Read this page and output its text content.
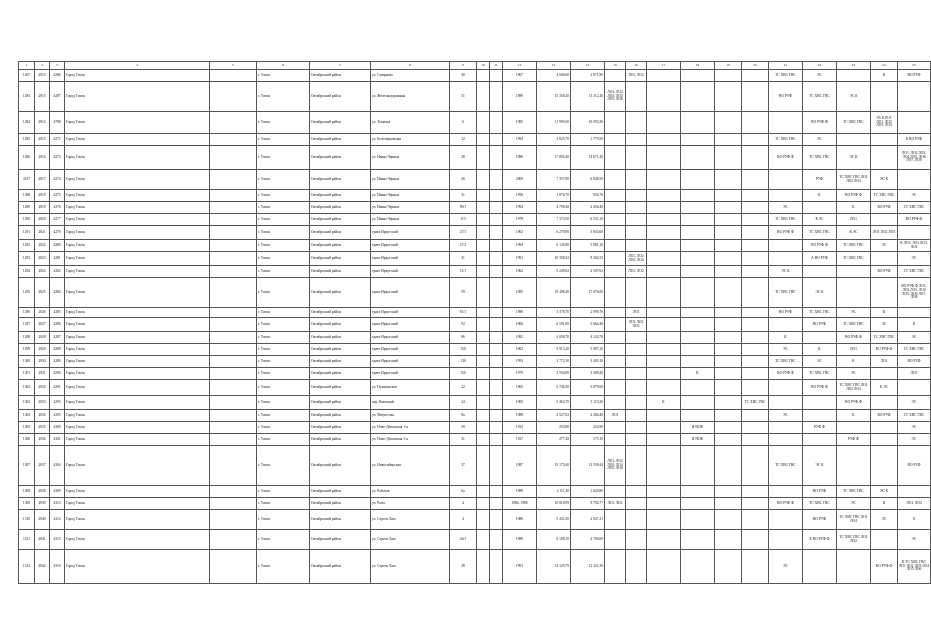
1	2	3	4	5	6	7	8	9	10	11	12	13	14	15	16	17	18	19	20	21	22	23	24	25
1267	2813	4286	Город Томск		г. Томск	Октябрьский район	ул. Смирнова	40			1967	4 606,60	2 971,80		ЛО1, ЛО2					ТС ХВС ГВС	ЭС		К	ВО РУФ
1283	2813	4287	Город Томск		г. Томск	Октябрьский район	ул. Железнодорожная	31			1989	15 358,40	13 112,40	ЛО1, ЛО2 ЛО3, ЛО4 ЛО5, ЛО6						ВО РУФ	ТС ХВС ГВС	ЭС К		
1284	2814	4788	Город Томск		г. Томск	Октябрьский район	ул. Хомечка	6			1985	11 999,30	10 093,30								ВО РУФ Ф	ТС ХВС ГВС	ЭС К РО1 ЛО1, ЛО2 ЛО3, ЛО4	
1285	2815	4271	Город Томск		г. Томск	Октябрьский район	ул. Белозерцевская	12			1994	2 825,70	1 779,50							ТС ХВС ГВС	ЭС			К ВО РУФ
1286	2816	4273	Город Томск		г. Томск	Октябрьский район	ул. Ивана Черных	28			1986	17 892,40	14 671,40							ВО РУФ Ф	ТС ХВС ГВС	ЭС К		ЛО1, ЛО2 ЛО3, ЛО4 ЛО5, ЛО6 ЛО7, ЛО8
4317	2817	4274	Город Томск		г. Томск	Октябрьский район	ул. Ивана Черных	26			2000	7 357,80	6 848,50								РУФ	ТС ХВС ГВС ЛО1 ЛО2 ЛО3	ЭС К	
1368	2818	4275	Город Томск		г. Томск	Октябрьский район	ул. Ивана Черных	31			1956	1 876,70	926,70								К	ВО РУФ Ф	ТС ХВС ГВС	ЭС
1289	2819	4276	Город Томск		г. Томск	Октябрьский район	ул. Ивана Черных	89/1			1994	4 798,40	4 456,40							ЭС		К	ВО РУФ	ТС ХВС ГВС
1290	2820	4277	Город Томск		г. Томск	Октябрьский район	ул. Ивана Черных	113			1978	7 373,50	6 531,10							ТС ХВС ГВС	К ЭС	ЛО1		ВО РУФ Ф
1291	2821	4279	Город Томск		г. Томск	Октябрьский район	тракт Иркутский	27/1			1962	6 279,90	5 833,60							ВО РУФ Ф	ТС ХВС ГВС	К ЭС	ЛО1 ЛО2 ЛО3	
1292	2822	4280	Город Томск		г. Томск	Октябрьский район	тракт Иркутский	27/2			1994	6 145,80	5 081,10								ВО РУФ Ф	ТС ХВС ГВС	ЭС	К ЛО1, ЛО2 ЛО3, ЛО4
1293	2823	4281	Город Томск		г. Томск	Октябрьский район	тракт Иркутский	41			1991	10 358,52	9 302,52		ЛО1, ЛО2 ЛО3, ЛО4						А ВО РУФ	ТС ХВС ГВС		ЭС
1294	2824	4282	Город Томск		г. Томск	Октябрьский район	тракт Иркутский	51/1			1962	5 249,02	4 507,62		ЛО1, ЛО2					ЭС К			ВО РУФ	ТС ХВС ГВС
1295	2825	4284	Город Томск		г. Томск	Октябрьский район	тракт Иркутский	59			1985	19 408,20	17 076,00							ТС ХВС ГВС	ЭС К			ВО РУФ Ф ЛО1, ЛО2 ЛО3, ЛО4 ЛО5, ЛО6 ЛО7, ЛО8
1296	2826	4285	Город Томск		г. Томск	Октябрьский район	тракт Иркутский	81/1			1989	3 378,70	2 999,76		ЛО1					ВО РУФ	ТС ХВС ГВС	ЭС	К	
1297	2827	4286	Город Томск		г. Томск	Октябрьский район	тракт Иркутский	92			1960	6 591,80	5 664,40		ЛО1 ЛО2 ЛО3						ВО РУФ	ТС ХВС ГВС	ЭС	К
1298	2828	4287	Город Томск		г. Томск	Октябрьский район	тракт Иркутский	96			1982	4 656,70	4 120,70							К		ВО РУФ Ф	ТС ХВС ГВС	ЭС
1299	2829	4288	Город Томск		г. Томск	Октябрьский район	тракт Иркутский	150			1962	5 915,20	5 087,20							ЭС	К	ЛО1	ВО РУФ Ф	ТС ХВС ГВС
1300	2830	4289	Город Томск		г. Томск	Октябрьский район	тракт Иркутский	130			1993	3 772,10	3 405,10							ТС ХВС ГВС	ЭС	К	ЛО1	ВО РУФ
1301	2831	4290	Город Томск		г. Томск	Октябрьский район	тракт Иркутский	156			1979	3 554,00	3 289,40				К			ВО РУФ Ф	ТС ХВС ГВС	ЭС		ЛО1
1302	2832	4291	Город Томск		г. Томск	Октябрьский район	ул. Пушкинская	22			1965	6 746,30	5 879,60								ВО РУФ Ф	ТС ХВС ГВС ЛО1 ЛО2 ЛО3	К ЭС	
1303	2833	4293	Город Томск		г. Томск	Октябрьский район	пер. Киевский	24			1965	5 463,70	5 119,20			К			ТС ХВС ГВС			ВО РУФ Ф		ЭС
1304	2834	4295	Город Томск		г. Томск	Октябрьский район	ул. Матросова	8а			1988	4 527,62	4 284,40	ЛО1						ЭС		К	ВО РУФ	ТС ХВС ГВС
1305	2835	4300	Город Томск		г. Томск	Октябрьский район	ул. Ново-Деповская 1-я	29			1933	255,80	224,90				Я НОК				РУФ Ф			ЭС
1306	2836	4301	Город Томск		г. Томск	Октябрьский район	ул. Ново-Деповская 1-я	31			1937	277,20	175,10				Я НОК					РУФ Ф		ЭС
1307	2837	4304	Город Томск		г. Томск	Октябрьский район	ул. Новосибирская	37			1987	15 175,40	13 539,44	ЛО1, ЛО2 ЛО3, ЛО4 ЛО5, ЛО6						ТС ХВС ГВС	ЭС К			ВО РУФ
1308	2838	4309	Город Томск		г. Томск	Октябрьский район	ул. Рабочая	6а			1989	2 111,40	1 620,80								ВО РУФ	ТС ХВС ГВС	ЭС К	
1309	2839	4313	Город Томск		г. Томск	Октябрьский район	ул. Розы	4			1984, 1988	10 818,99	9 792,77	ЛО1 ЛО2						ВО РУФ Ф	ТС ХВС ГВС	ЭС	К	ЛО1, ЛО4
1310	2840	4314	Город Томск		г. Томск	Октябрьский район	ул. Сергея Лазо	4			1986	5 431,50	4 047,21								ВО РУФ	ТС ХВС ГВС ЛО1 ЛО4	ЭС	Х
1311	2841	4315	Город Томск		г. Томск	Октябрьский район	ул. Сергея Лазо	26/1			1980	6 108,10	4 769,00								К ВО РУФ Ф	ТС ХВС ГВС ЛО1 ЛО2		ЭС
1312	2842	4316	Город Томск		г. Томск	Октябрьский район	ул. Сергея Лазо	28			1991	14 129,79	12 321,39							ЭС			ВО РУФ Ф	К ТС ХВС ГВС ЛО1 ЛО2 ЛО3 ЛО4 ЛО5 ЛО6
